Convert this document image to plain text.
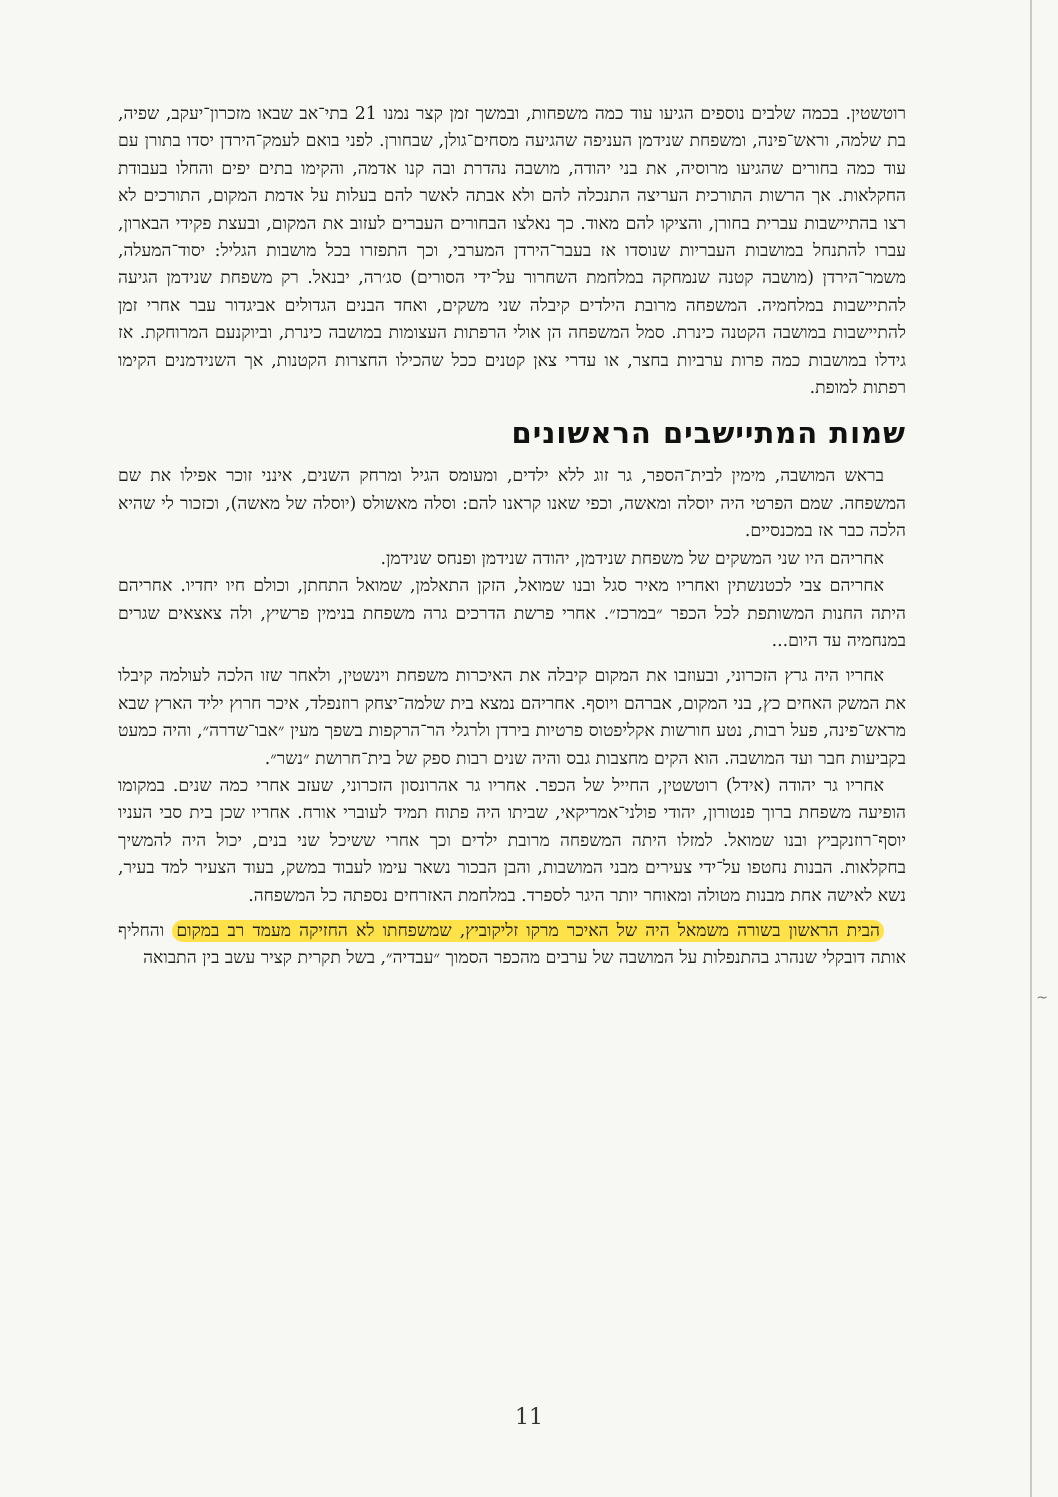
~

רוטשטין. בכמה שלבים נוספים הגיעו עוד כמה משפחות, ובמשך זמן קצר נמנו 21 בתי־אב שבאו מזכרון־יעקב, שפיה, בת שלמה, וראש־פינה, ומשפחת שנידמן העניפה שהגיעה מסחים־גולן, שבחורן. לפני בואם לעמק־הירדן יסדו בתורן עם עוד כמה בחורים שהגיעו מרוסיה, את בני יהודה, מושבה נהדרת ובה קנו אדמה, והקימו בתים יפים והחלו בעבודת החקלאות. אך הרשות התורכית העריצה התנכלה להם ולא אבתה לאשר להם בעלות על אדמת המקום, התורכים לא רצו בהתיישבות עברית בחורן, והציקו להם מאוד. כך נאלצו הבחורים העברים לעזוב את המקום, ובעצת פקידי הבארון, עברו להתנחל במושבות העבריות שנוסדו אז בעבר־הירדן המערבי, וכך התפזרו בכל מושבות הגליל: יסוד־המעלה, משמר־הירדן (מושבה קטנה שנמחקה במלחמת השחרור על־ידי הסורים) סג׳רה, יבנאל. רק משפחת שנידמן הגיעה להתיישבות במלחמיה. המשפחה מרובת הילדים קיבלה שני משקים, ואחד הבנים הגדולים אביגדור עבר אחרי זמן להתיישבות במושבה הקטנה כינרת. סמל המשפחה הן אולי הרפתות העצומות במושבה כינרת, וביוקנעם המרוחקת. אז גידלו במושבות כמה פרות ערביות בחצר, או עדרי צאן קטנים ככל שהכילו החצרות הקטנות, אך השנידמנים הקימו רפתות למופת.

שמות המתיישבים הראשונים

בראש המושבה, מימין לבית־הספר, גר זוג ללא ילדים, ומעומס הגיל ומרחק השנים, אינני זוכר אפילו את שם המשפחה. שמם הפרטי היה יוסלה ומאשה, וכפי שאנו קראנו להם: וסלה מאשולס (יוסלה של מאשה), וכזכור לי שהיא הלכה כבר אז במכנסיים.

אחריהם היו שני המשקים של משפחת שנידמן, יהודה שנידמן ופנחס שנידמן.

אחריהם צבי לכטנשתין ואחריו מאיר סגל ובנו שמואל, הזקן התאלמן, שמואל התחתן, וכולם חיו יחדיו. אחריהם היתה החנות המשותפת לכל הכפר ״במרכז״. אחרי פרשת הדרכים גרה משפחת בנימין פרשיץ, ולה צאצאים שגרים במנחמיה עד היום...

אחריו היה גרץ הזכרוני, ובעוזבו את המקום קיבלה את האיכרות משפחת וינשטין, ולאחר שזו הלכה לעולמה קיבלו את המשק האחים כץ, בני המקום, אברהם ויוסף. אחריהם נמצא בית שלמה־יצחק רוזנפלד, איכר חרוץ יליד הארץ שבא מראש־פינה, פעל רבות, נטע חורשות אקליפטוס פרטיות בירדן ולרגלי הר־הרקפות בשפך מעין ״אבו־שדרה״, והיה כמעט בקביעות חבר ועד המושבה. הוא הקים מחצבות גבס והיה שנים רבות ספק של בית־חרושת ״נשר״.

אחריו גר יהודה (אידל) רוטשטין, החייל של הכפר. אחריו גר אהרונסון הזכרוני, שעזב אחרי כמה שנים. במקומו הופיעה משפחת ברוך פנטורון, יהודי פולני־אמריקאי, שביתו היה פתוח תמיד לעוברי אורח. אחריו שכן בית סבי העניו יוסף־רוזנקביץ ובנו שמואל. למזלו היתה המשפחה מרובת ילדים וכך אחרי ששיכל שני בנים, יכול היה להמשיך בחקלאות. הבנות נחטפו על־ידי צעירים מבני המושבות, והבן הבכור נשאר עימו לעבוד במשק, בעוד הצעיר למד בעיר, נשא לאישה אחת מבנות מטולה ומאוחר יותר היגר לספרד. במלחמת האזרחים נספתה כל המשפחה.

הבית הראשון בשורה משמאל היה של האיכר מרקו זליקוביץ, שמשפחתו לא החזיקה מעמד רב במקום והחליף אותה דובקלי שנהרג בהתנפלות על המושבה של ערבים מהכפר הסמוך ״עבדיה״, בשל תקרית קציר עשב בין התבואה

11
